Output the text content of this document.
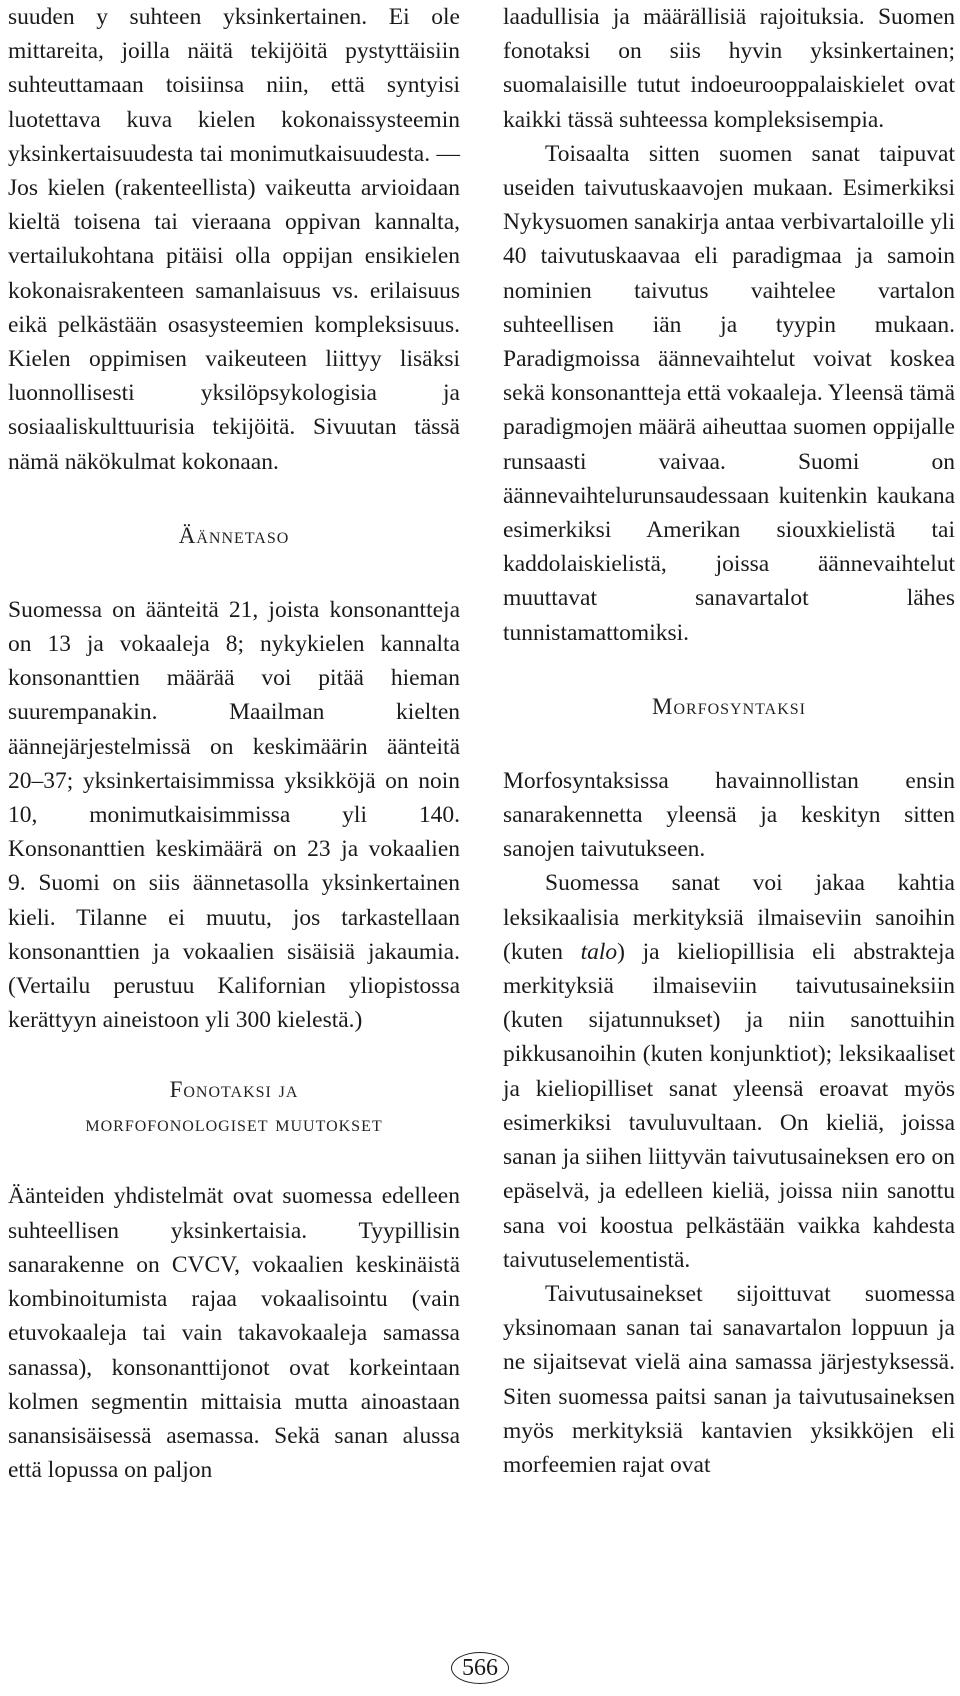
suuden y suhteen yksinkertainen. Ei ole mittareita, joilla näitä tekijöitä pystyttäisiin suhteuttamaan toisiinsa niin, että syntyisi luotettava kuva kielen kokonaissysteemin yksinkertaisuudesta tai monimutkaisuudesta. — Jos kielen (rakenteellista) vaikeutta arvioidaan kieltä toisena tai vieraana oppivan kannalta, vertailukohtana pitäisi olla oppijan ensikielen kokonaisrakenteen samanlaisuus vs. erilaisuus eikä pelkästään osasysteemien kompleksisuus. Kielen oppimisen vaikeuteen liittyy lisäksi luonnollisesti yksilöpsykologisia ja sosiaaliskulttuurisia tekijöitä. Sivuutan tässä nämä näkökulmat kokonaan.

Äännetaso

Suomessa on äänteitä 21, joista konsonantteja on 13 ja vokaaleja 8; nykykielen kannalta konsonanttien määrää voi pitää hieman suurempanakin. Maailman kielten äännejärjestelmissä on keskimäärin äänteitä 20–37; yksinkertaisimmissa yksikköjä on noin 10, monimutkaisimmissa yli 140. Konsonanttien keskimäärä on 23 ja vokaalien 9. Suomi on siis äännetasolla yksinkertainen kieli. Tilanne ei muutu, jos tarkastellaan konsonanttien ja vokaalien sisäisiä jakaumia. (Vertailu perustuu Kalifornian yliopistossa kerättyyn aineistoon yli 300 kielestä.)

Fonotaksi ja
morfofonologiset muutokset

Äänteiden yhdistelmät ovat suomessa edelleen suhteellisen yksinkertaisia. Tyypillisin sanarakenne on CVCV, vokaalien keskinäistä kombinoitumista rajaa vokaalisointu (vain etuvokaaleja tai vain takavokaaleja samassa sanassa), konsonanttijonot ovat korkeintaan kolmen segmentin mittaisia mutta ainoastaan sanansisäisessä asemassa. Sekä sanan alussa että lopussa on paljon

laadullisia ja määrällisiä rajoituksia. Suomen fonotaksi on siis hyvin yksinkertainen; suomalaisille tutut indoeurooppalaiskielet ovat kaikki tässä suhteessa kompleksisempia.

Toisaalta sitten suomen sanat taipuvat useiden taivutuskaavojen mukaan. Esimerkiksi Nykysuomen sanakirja antaa verbivartaloille yli 40 taivutuskaavaa eli paradigmaa ja samoin nominien taivutus vaihtelee vartalon suhteellisen iän ja tyypin mukaan. Paradigmoissa äännevaihtelut voivat koskea sekä konsonantteja että vokaaleja. Yleensä tämä paradigmojen määrä aiheuttaa suomen oppijalle runsaasti vaivaa. Suomi on äännevaihtelurunsaudessaan kuitenkin kaukana esimerkiksi Amerikan siouxkielistä tai kaddolaiskielistä, joissa äännevaihtelut muuttavat sanavartalot lähes tunnistamattomiksi.

Morfosyntaksi

Morfosyntaksissa havainnollistan ensin sanarakennetta yleensä ja keskityn sitten sanojen taivutukseen.

Suomessa sanat voi jakaa kahtia leksikaalisia merkityksiä ilmaiseviin sanoihin (kuten talo) ja kieliopillisia eli abstrakteja merkityksiä ilmaiseviin taivutusaineksiin (kuten sijatunnukset) ja niin sanottuihin pikkusanoihin (kuten konjunktiot); leksikaaliset ja kieliopilliset sanat yleensä eroavat myös esimerkiksi tavuluvultaan. On kieliä, joissa sanan ja siihen liittyvän taivutusaineksen ero on epäselvä, ja edelleen kieliä, joissa niin sanottu sana voi koostua pelkästään vaikka kahdesta taivutuselementistä.

Taivutusainekset sijoittuvat suomessa yksinomaan sanan tai sanavartalon loppuun ja ne sijaitsevat vielä aina samassa järjestyksessä. Siten suomessa paitsi sanan ja taivutusaineksen myös merkityksiä kantavien yksikköjen eli morfeemien rajat ovat

566
